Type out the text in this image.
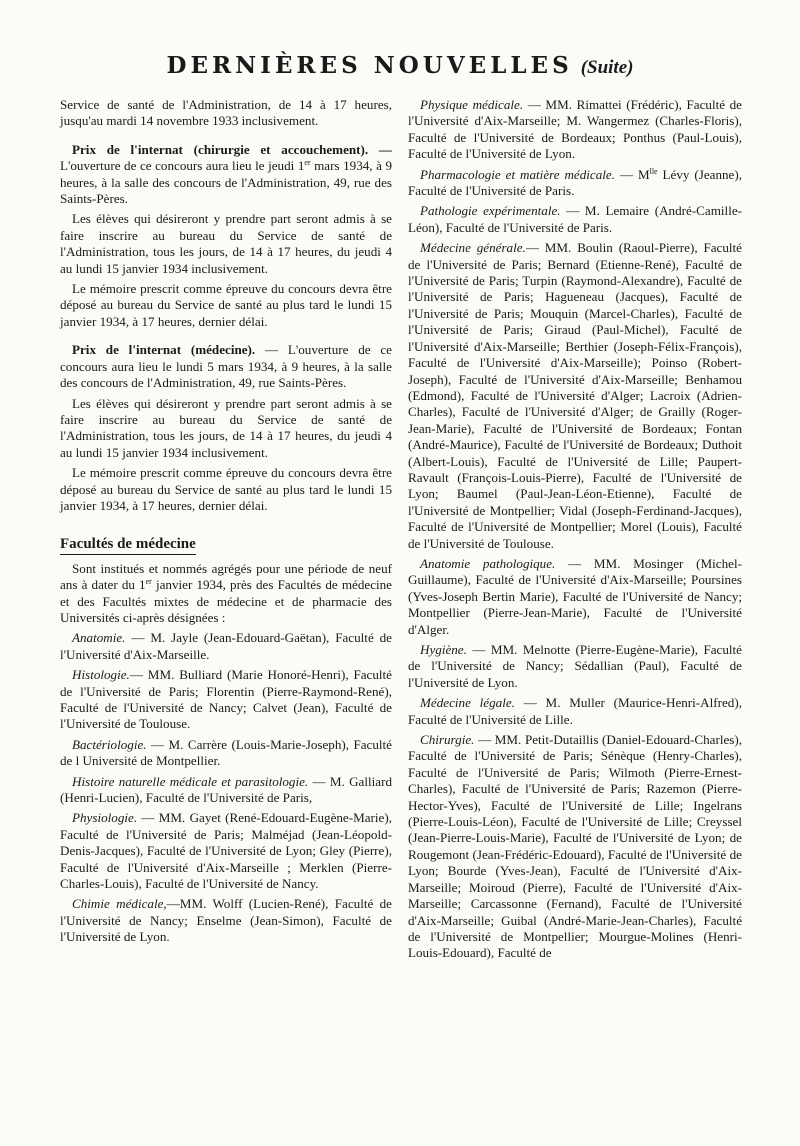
DERNIÈRES NOUVELLES (Suite)

Service de santé de l'Administration, de 14 à 17 heures, jusqu'au mardi 14 novembre 1933 inclusivement.

Prix de l'internat (chirurgie et accouchement). — L'ouverture de ce concours aura lieu le jeudi 1er mars 1934, à 9 heures, à la salle des concours de l'Administration, 49, rue des Saints-Pères.

Les élèves qui désireront y prendre part seront admis à se faire inscrire au bureau du Service de santé de l'Administration, tous les jours, de 14 à 17 heures, du jeudi 4 au lundi 15 janvier 1934 inclusivement.

Le mémoire prescrit comme épreuve du concours devra être déposé au bureau du Service de santé au plus tard le lundi 15 janvier 1934, à 17 heures, dernier délai.

Prix de l'internat (médecine). — L'ouverture de ce concours aura lieu le lundi 5 mars 1934, à 9 heures, à la salle des concours de l'Administration, 49, rue Saints-Pères.

Les élèves qui désireront y prendre part seront admis à se faire inscrire au bureau du Service de santé de l'Administration, tous les jours, de 14 à 17 heures, du jeudi 4 au lundi 15 janvier 1934 inclusivement.

Le mémoire prescrit comme épreuve du concours devra être déposé au bureau du Service de santé au plus tard le lundi 15 janvier 1934, à 17 heures, dernier délai.

Facultés de médecine

Sont institués et nommés agrégés pour une période de neuf ans à dater du 1er janvier 1934, près des Facultés de médecine et des Facultés mixtes de médecine et de pharmacie des Universités ci-après désignées :

Anatomie. — M. Jayle (Jean-Edouard-Gaëtan), Faculté de l'Université d'Aix-Marseille.

Histologie.— MM. Bulliard (Marie Honoré-Henri), Faculté de l'Université de Paris; Florentin (Pierre-Raymond-René), Faculté de l'Université de Nancy; Calvet (Jean), Faculté de l'Université de Toulouse.

Bactériologie. — M. Carrère (Louis-Marie-Joseph), Faculté de l Université de Montpellier.

Histoire naturelle médicale et parasitologie. — M. Galliard (Henri-Lucien), Faculté de l'Université de Paris,

Physiologie. — MM. Gayet (René-Edouard-Eugène-Marie), Faculté de l'Université de Paris; Malméjad (Jean-Léopold-Denis-Jacques), Faculté de l'Université de Lyon; Gley (Pierre), Faculté de l'Université d'Aix-Marseille ; Merklen (Pierre-Charles-Louis), Faculté de l'Université de Nancy.

Chimie médicale,—MM. Wolff (Lucien-René), Faculté de l'Université de Nancy; Enselme (Jean-Simon), Faculté de l'Université de Lyon.

Physique médicale. — MM. Rimattei (Frédéric), Faculté de l'Université d'Aix-Marseille; M. Wangermez (Charles-Floris), Faculté de l'Université de Bordeaux; Ponthus (Paul-Louis), Faculté de l'Université de Lyon.

Pharmacologie et matière médicale. — $M^{lle}$ Lévy (Jeanne), Faculté de l'Université de Paris.

Pathologie expérimentale. — M. Lemaire (André-Camille-Léon), Faculté de l'Université de Paris.

Médecine générale.— MM. Boulin (Raoul-Pierre), Faculté de l'Université de Paris; Bernard (Etienne-René), Faculté de l'Université de Paris; Turpin (Raymond-Alexandre), Faculté de l'Université de Paris; Hagueneau (Jacques), Faculté de l'Université de Paris; Mouquin (Marcel-Charles), Faculté de l'Université de Paris; Giraud (Paul-Michel), Faculté de l'Université d'Aix-Marseille; Berthier (Joseph-Félix-François), Faculté de l'Université d'Aix-Marseille); Poinso (Robert-Joseph), Faculté de l'Université d'Aix-Marseille; Benhamou (Edmond), Faculté de l'Université d'Alger; Lacroix (Adrien-Charles), Faculté de l'Université d'Alger; de Grailly (Roger-Jean-Marie), Faculté de l'Université de Bordeaux; Fontan (André-Maurice), Faculté de l'Université de Bordeaux; Duthoit (Albert-Louis), Faculté de l'Université de Lille; Paupert-Ravault (François-Louis-Pierre), Faculté de l'Université de Lyon; Baumel (Paul-Jean-Léon-Etienne), Faculté de l'Université de Montpellier; Vidal (Joseph-Ferdinand-Jacques), Faculté de l'Université de Montpellier; Morel (Louis), Faculté de l'Université de Toulouse.

Anatomie pathologique. — MM. Mosinger (Michel-Guillaume), Faculté de l'Université d'Aix-Marseille; Poursines (Yves-Joseph Bertin Marie), Faculté de l'Université de Nancy; Montpellier (Pierre-Jean-Marie), Faculté de l'Université d'Alger.

Hygiène. — MM. Melnotte (Pierre-Eugène-Marie), Faculté de l'Université de Nancy; Sédallian (Paul), Faculté de l'Université de Lyon.

Médecine légale. — M. Muller (Maurice-Henri-Alfred), Faculté de l'Université de Lille.

Chirurgie. — MM. Petit-Dutaillis (Daniel-Edouard-Charles), Faculté de l'Université de Paris; Sénèque (Henry-Charles), Faculté de l'Université de Paris; Wilmoth (Pierre-Ernest-Charles), Faculté de l'Université de Paris; Razemon (Pierre-Hector-Yves), Faculté de l'Université de Lille; Ingelrans (Pierre-Louis-Léon), Faculté de l'Université de Lille; Creyssel (Jean-Pierre-Louis-Marie), Faculté de l'Université de Lyon; de Rougemont (Jean-Frédéric-Edouard), Faculté de l'Université de Lyon; Bourde (Yves-Jean), Faculté de l'Université d'Aix-Marseille; Moiroud (Pierre), Faculté de l'Université d'Aix-Marseille; Carcassonne (Fernand), Faculté de l'Université d'Aix-Marseille; Guibal (André-Marie-Jean-Charles), Faculté de l'Université de Montpellier; Mourgue-Molines (Henri-Louis-Edouard), Faculté de
